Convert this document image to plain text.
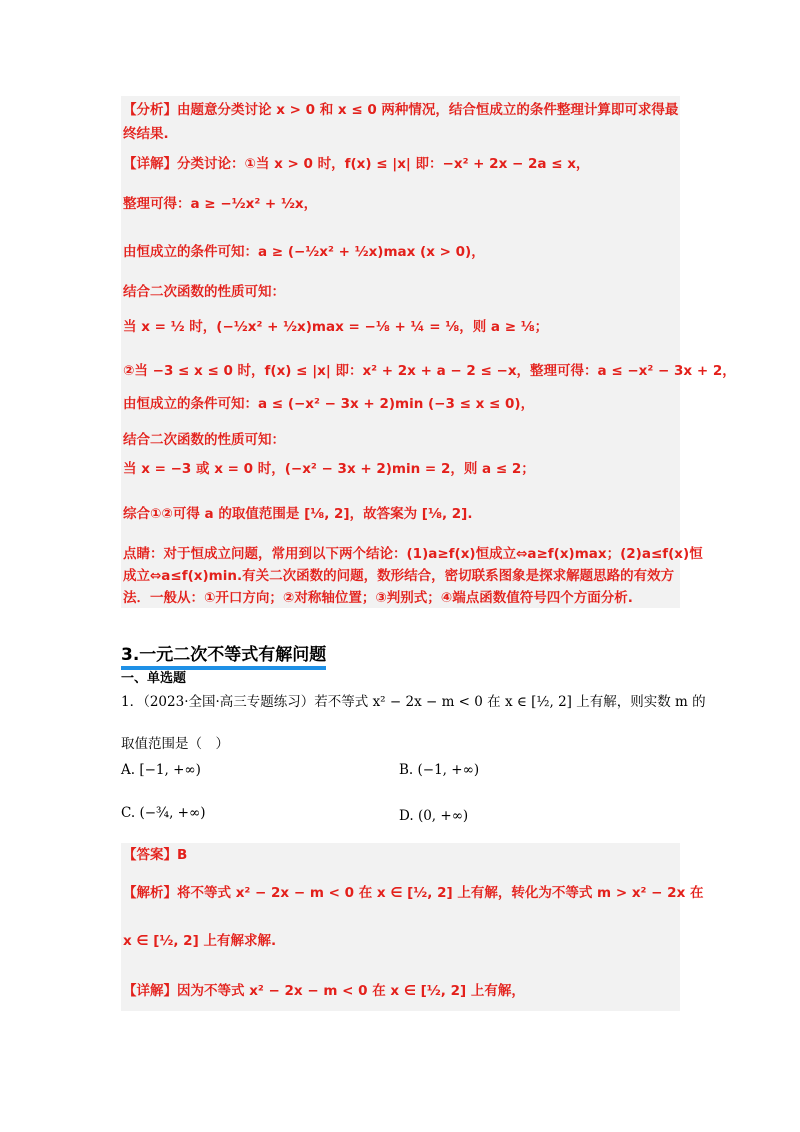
【分析】由题意分类讨论 x > 0 和 x ≤ 0 两种情况，结合恒成立的条件整理计算即可求得最
终结果.
【详解】分类讨论：①当 x > 0 时，f(x) ≤ |x| 即：−x² + 2x − 2a ≤ x，
整理可得：a ≥ −½x² + ½x，
由恒成立的条件可知：a ≥ (−½x² + ½x)max (x > 0)，
结合二次函数的性质可知：
当 x = ½ 时，(−½x² + ½x)max = −⅛ + ¼ = ⅛，则 a ≥ ⅛；
②当 −3 ≤ x ≤ 0 时，f(x) ≤ |x| 即：x² + 2x + a − 2 ≤ −x，整理可得：a ≤ −x² − 3x + 2，
由恒成立的条件可知：a ≤ (−x² − 3x + 2)min (−3 ≤ x ≤ 0)，
结合二次函数的性质可知：
当 x = −3 或 x = 0 时，(−x² − 3x + 2)min = 2，则 a ≤ 2；
综合①②可得 a 的取值范围是 [⅛, 2]，故答案为 [⅛, 2].
点睛：对于恒成立问题，常用到以下两个结论：(1)a≥f(x)恒成立⇔a≥f(x)max；(2)a≤f(x)恒
成立⇔a≤f(x)min.有关二次函数的问题，数形结合，密切联系图象是探求解题思路的有效方
法．一般从：①开口方向；②对称轴位置；③判别式；④端点函数值符号四个方面分析.
3.一元二次不等式有解问题
一、单选题
1．（2023·全国·高三专题练习）若不等式 x² − 2x − m < 0 在 x ∈ [½, 2] 上有解，则实数 m 的
取值范围是（　）
A. [−1, +∞)	B. (−1, +∞)
C. (−¾, +∞)	D. (0, +∞)
【答案】B
【解析】将不等式 x² − 2x − m < 0 在 x ∈ [½, 2] 上有解，转化为不等式 m > x² − 2x 在
x ∈ [½, 2] 上有解求解.
【详解】因为不等式 x² − 2x − m < 0 在 x ∈ [½, 2] 上有解，
